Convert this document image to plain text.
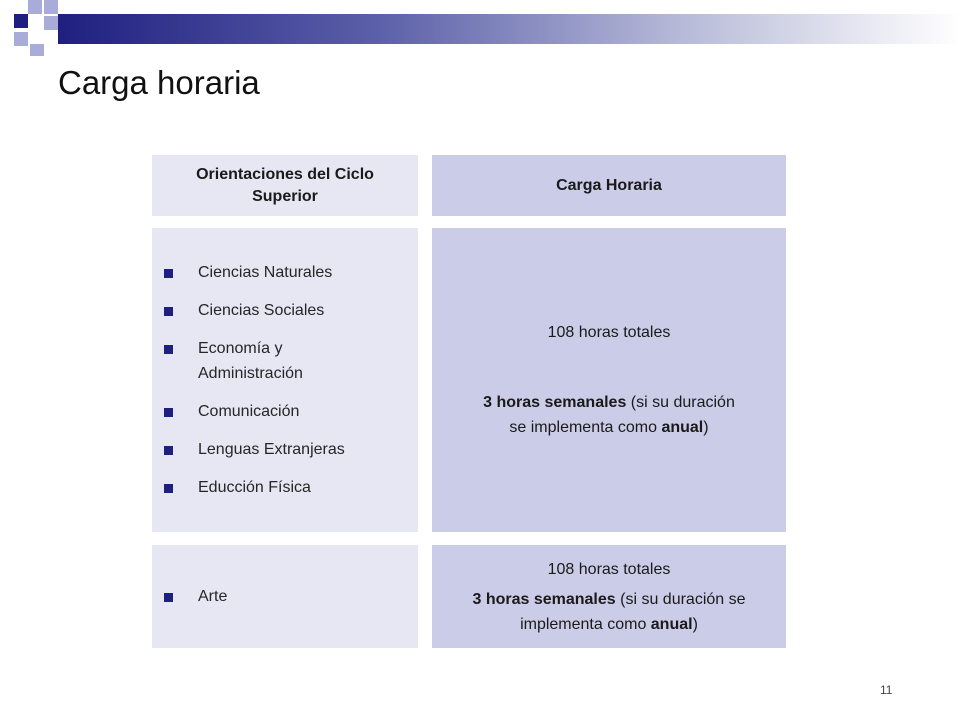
Carga horaria
Orientaciones del Ciclo Superior
Carga Horaria
Ciencias Naturales
Ciencias Sociales
Economía y Administración
Comunicación
Lenguas Extranjeras
Educción Física
108 horas totales
3 horas semanales (si su duración
se implementa como anual)
Arte
108 horas totales
3 horas semanales (si su duración se
implementa como anual)
11
